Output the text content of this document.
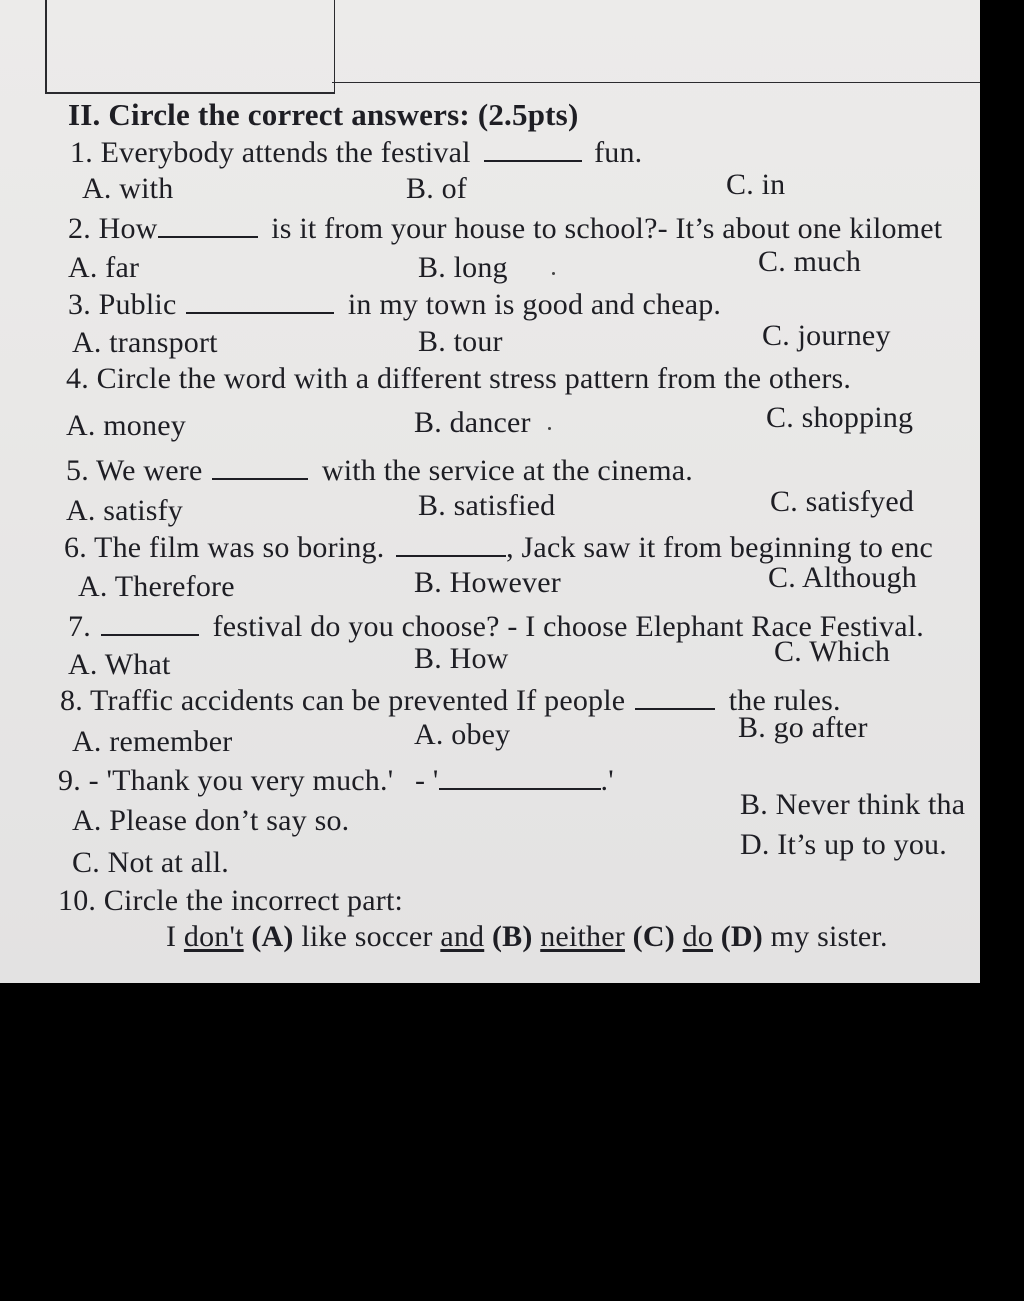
II. Circle the correct answers: (2.5pts)
1. Everybody attends the festival	fun.
A. with	B. of	C. in
2. How	is it from your house to school?- It’s about one kilomet
A. far	B. long	C. much
3. Public	in my town is good and cheap.
A. transport	B. tour	C. journey
4. Circle the word with a different stress pattern from the others.
A. money	B. dancer	C. shopping
5. We were	with the service at the cinema.
A. satisfy	B. satisfied	C. satisfyed
6. The film was so boring.	, Jack saw it from beginning to enc
A. Therefore	B. However	C. Although
7.	festival do you choose? - I choose Elephant Race Festival.
A. What	B. How	C. Which
8. Traffic accidents can be prevented If people	the rules.
A. remember	A. obey	B. go after
9. - 'Thank you very much.' - '	.'
A. Please don’t say so.	B. Never think tha
C. Not at all.
D. It’s up to you.
10. Circle the incorrect part:
I don't (A) like soccer and (B) neither (C) do (D) my sister.
